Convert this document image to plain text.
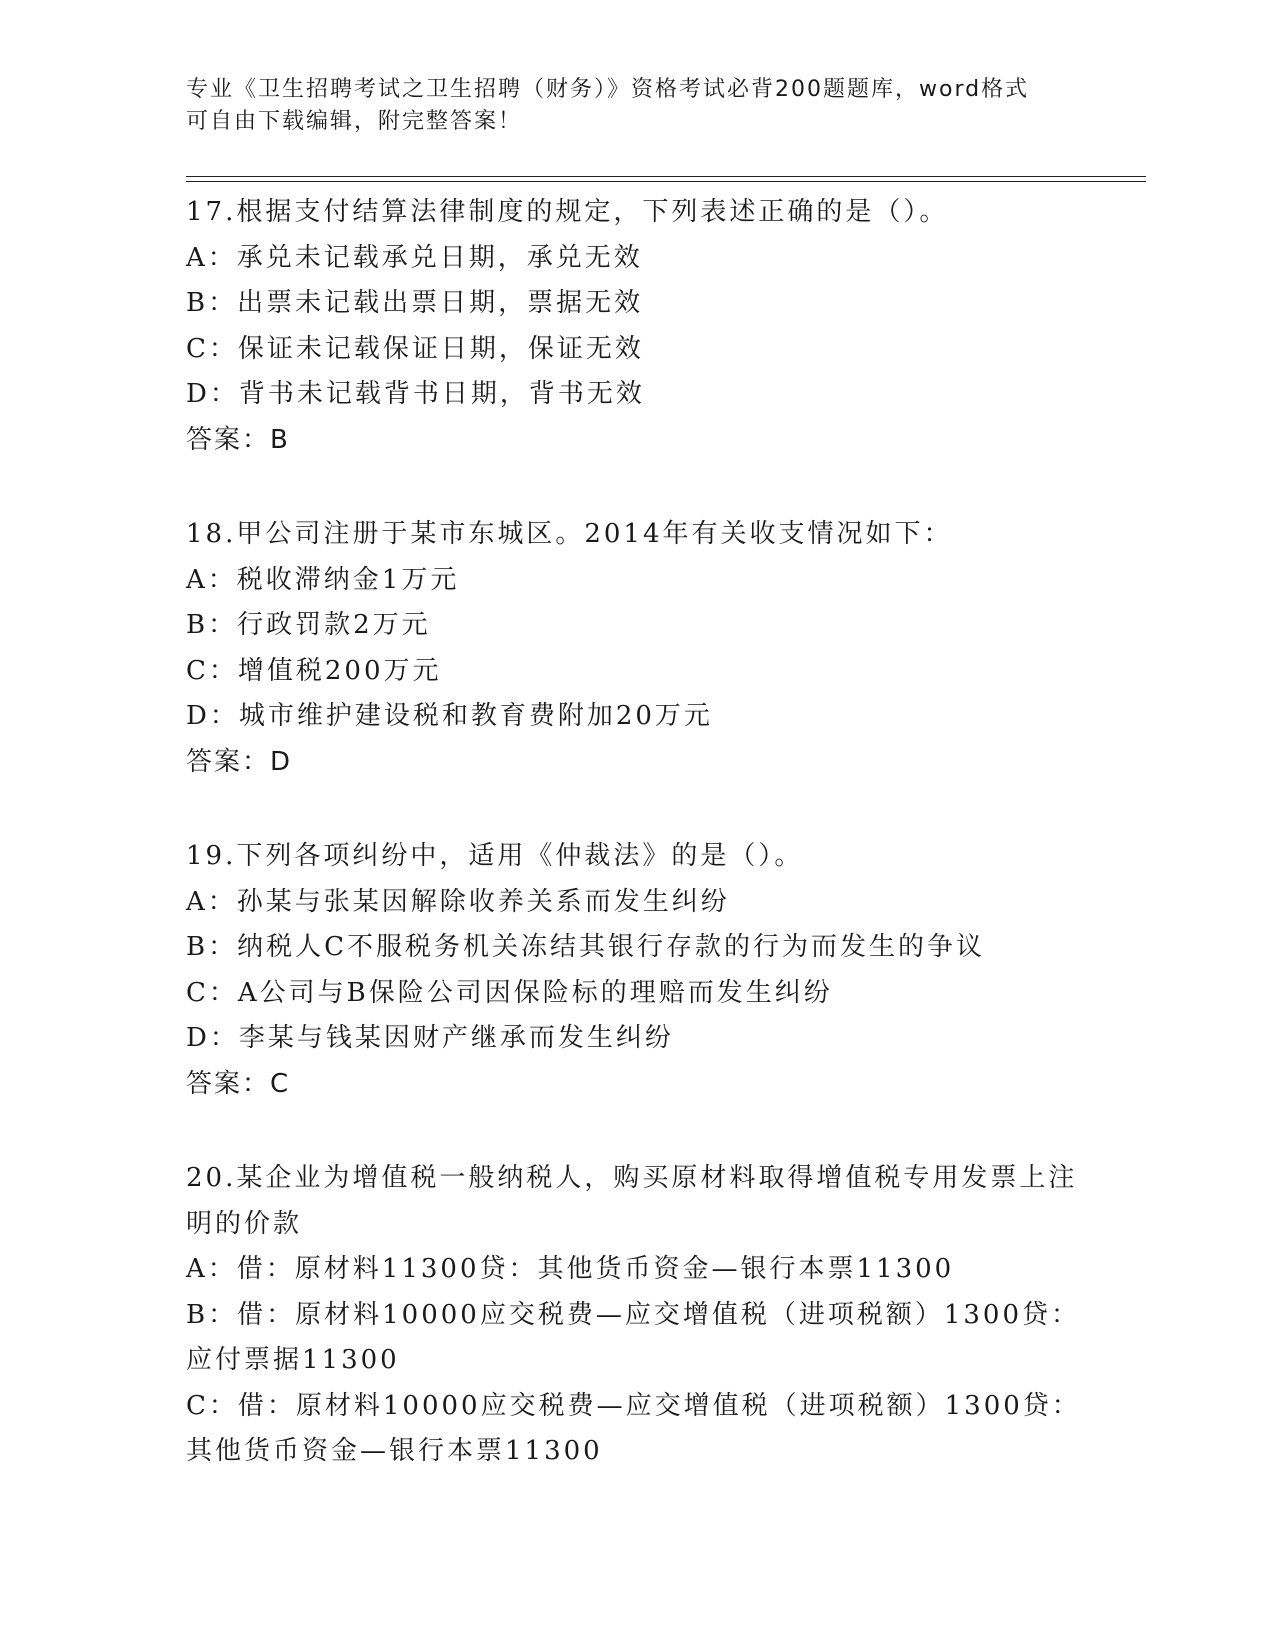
专业《卫生招聘考试之卫生招聘（财务）》资格考试必背200题题库，word格式
可自由下载编辑，附完整答案！
17.根据支付结算法律制度的规定，下列表述正确的是（）。
A：承兑未记载承兑日期，承兑无效
B：出票未记载出票日期，票据无效
C：保证未记载保证日期，保证无效
D：背书未记载背书日期，背书无效
答案：B
18.甲公司注册于某市东城区。2014年有关收支情况如下：
A：税收滞纳金1万元
B：行政罚款2万元
C：增值税200万元
D：城市维护建设税和教育费附加20万元
答案：D
19.下列各项纠纷中，适用《仲裁法》的是（）。
A：孙某与张某因解除收养关系而发生纠纷
B：纳税人C不服税务机关冻结其银行存款的行为而发生的争议
C：A公司与B保险公司因保险标的理赔而发生纠纷
D：李某与钱某因财产继承而发生纠纷
答案：C
20.某企业为增值税一般纳税人，购买原材料取得增值税专用发票上注明的价款
A：借：原材料11300贷：其他货币资金—银行本票11300
B：借：原材料10000应交税费—应交增值税（进项税额）1300贷：应付票据11300
C：借：原材料10000应交税费—应交增值税（进项税额）1300贷：其他货币资金—银行本票11300
